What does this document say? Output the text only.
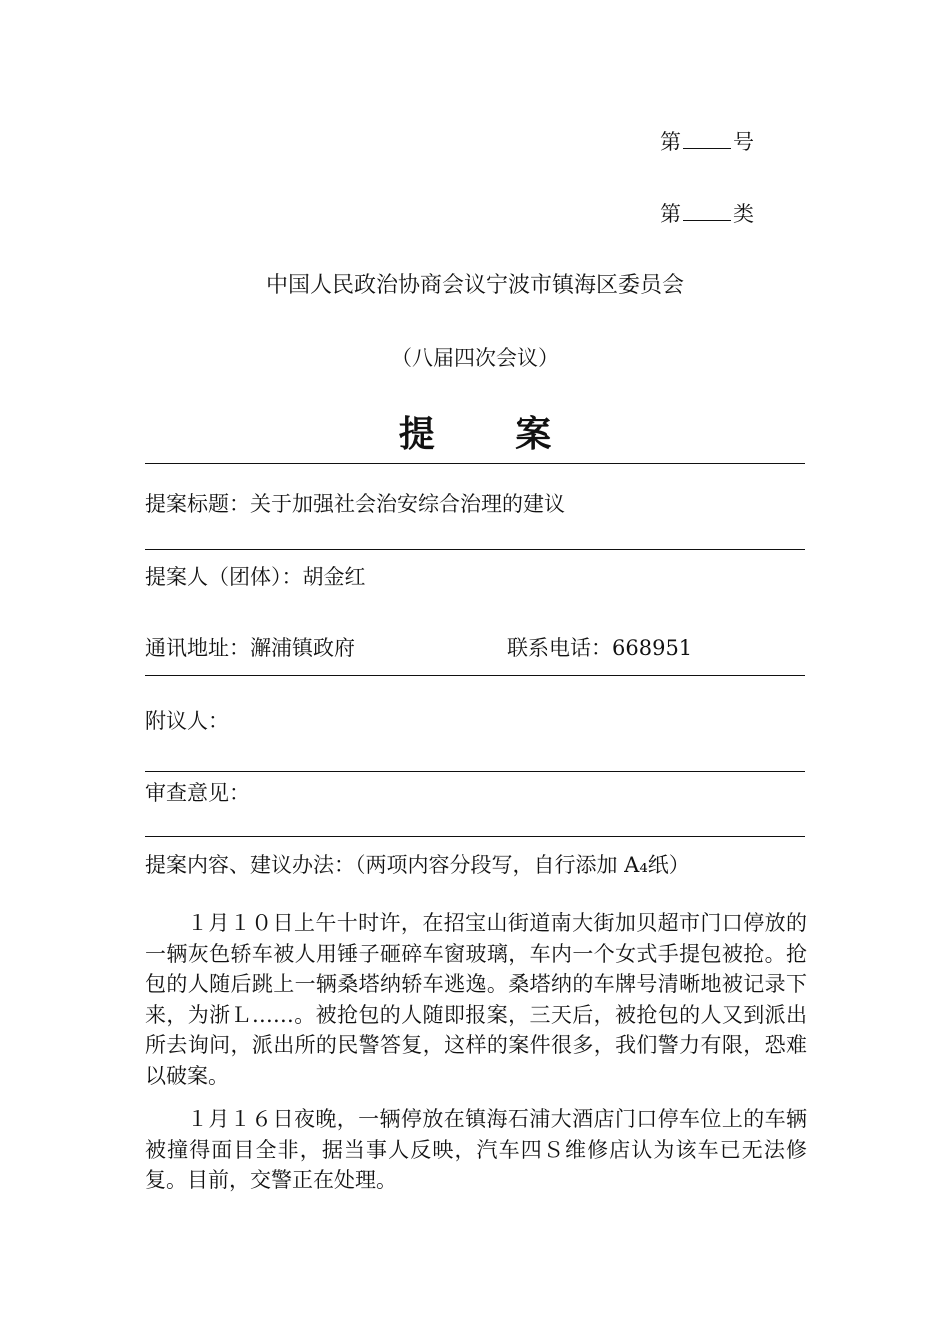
第 号
第 类
中国人民政治协商会议宁波市镇海区委员会
（八届四次会议）
提 案
提案标题：关于加强社会治安综合治理的建议
提案人（团体）：胡金红
通讯地址：澥浦镇政府	联系电话：668951
附议人：
审查意见：
提案内容、建议办法：（两项内容分段写，自行添加 A₄纸）

１月１０日上午十时许，在招宝山街道南大街加贝超市门口停放的一辆灰色轿车被人用锤子砸碎车窗玻璃，车内一个女式手提包被抢。抢包的人随后跳上一辆桑塔纳轿车逃逸。桑塔纳的车牌号清晰地被记录下来，为浙Ｌ……。被抢包的人随即报案，三天后，被抢包的人又到派出所去询问，派出所的民警答复，这样的案件很多，我们警力有限，恐难以破案。

１月１６日夜晚，一辆停放在镇海石浦大酒店门口停车位上的车辆被撞得面目全非，据当事人反映，汽车四Ｓ维修店认为该车已无法修复。目前，交警正在处理。
